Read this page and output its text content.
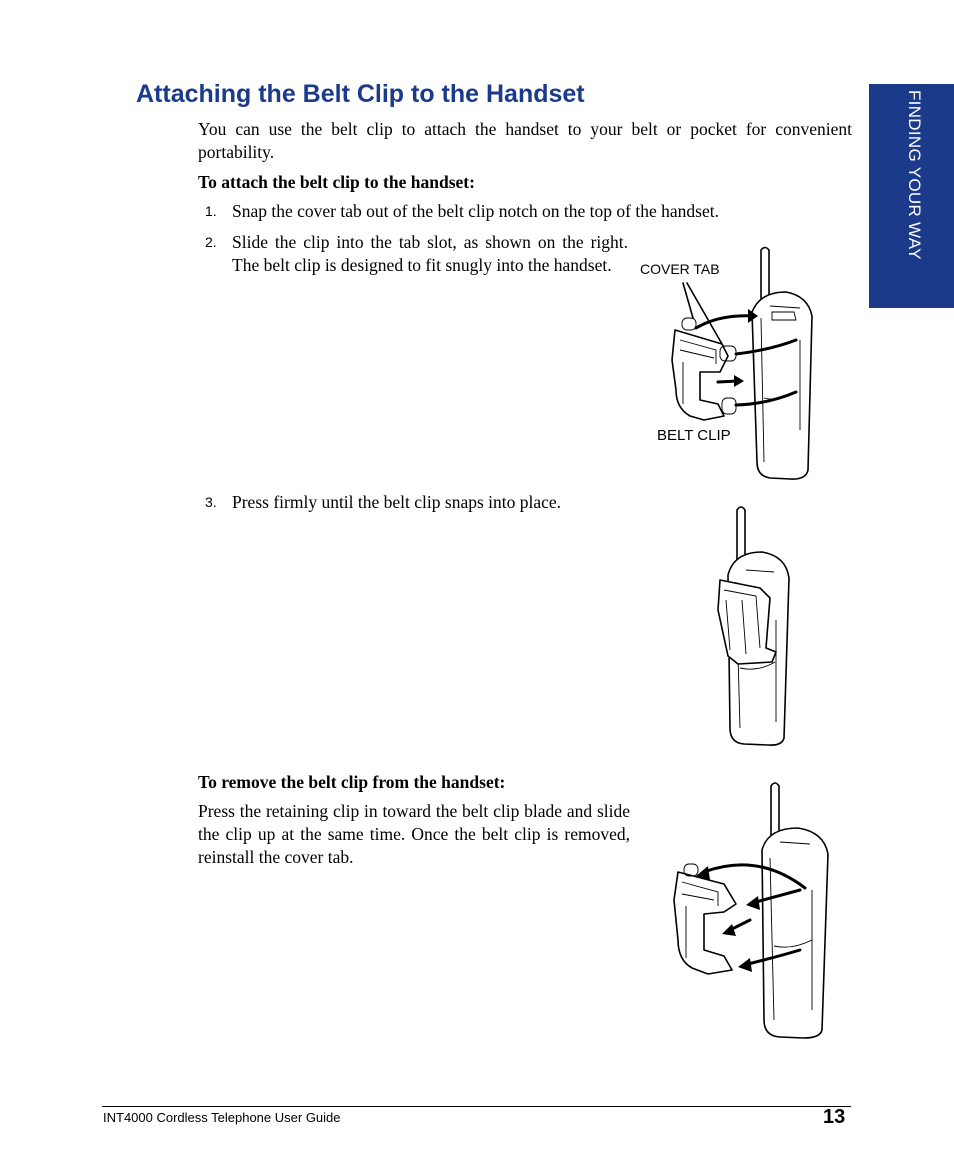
FINDING YOUR WAY
Attaching the Belt Clip to the Handset
You can use the belt clip to attach the handset to your belt or pocket for convenient portability.
To attach the belt clip to the handset:
1. Snap the cover tab out of the belt clip notch on the top of the handset.
2. Slide the clip into the tab slot, as shown on the right. The belt clip is designed to fit snugly into the handset.
3. Press firmly until the belt clip snaps into place.
To remove the belt clip from the handset:
Press the retaining clip in toward the belt clip blade and slide the clip up at the same time. Once the belt clip is removed, reinstall the cover tab.
COVER TAB
BELT CLIP
INT4000 Cordless Telephone User Guide	13
